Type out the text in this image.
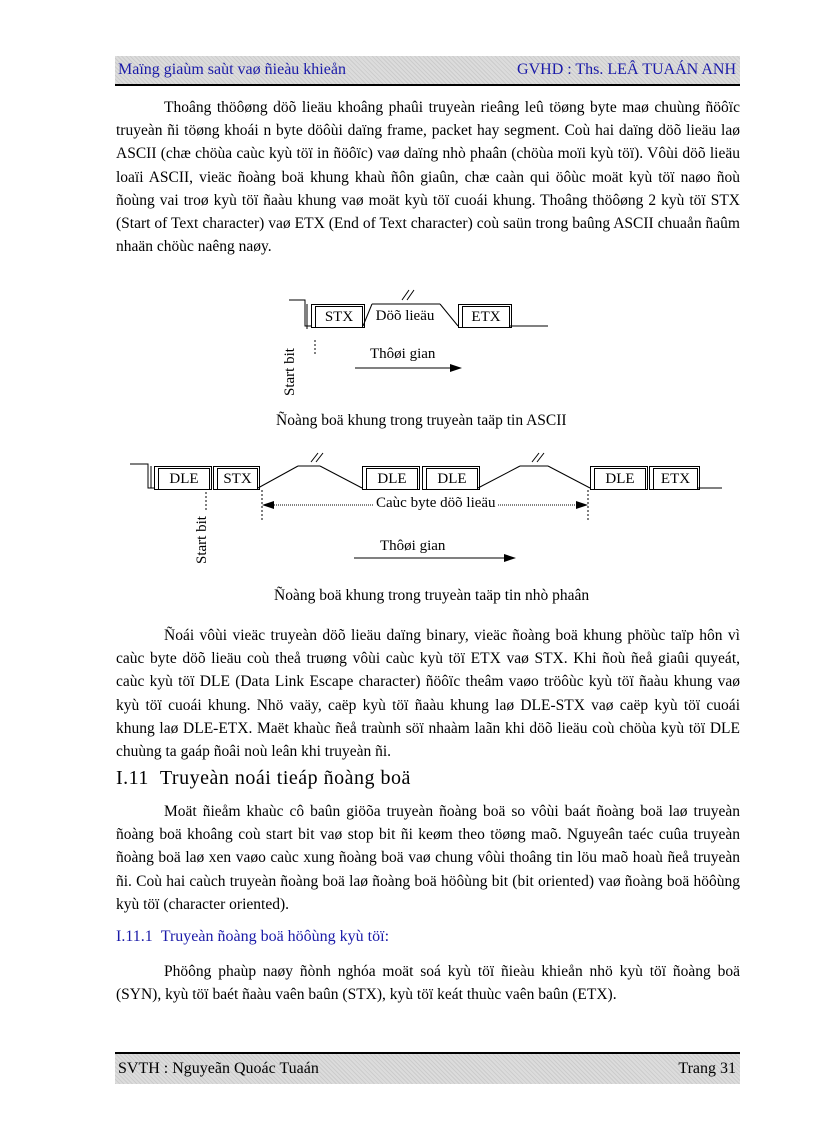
Maïng giaùm saùt vaø ñieàu khieån	GVHD : Ths. LEÂ TUAÁN ANH

Thoâng thöôøng döõ lieäu khoâng phaûi truyeàn rieâng leû töøng byte maø chuùng ñöôïc truyeàn ñi töøng khoái n byte döôùi daïng frame, packet hay segment. Coù hai daïng döõ lieäu laø ASCII (chæ chöùa caùc kyù töï in ñöôïc) vaø daïng nhò phaân (chöùa moïi kyù töï). Vôùi döõ lieäu loaïi ASCII, vieäc ñoàng boä khung khaù ñôn giaûn, chæ caàn qui öôùc moät kyù töï naøo ñoù ñoùng vai troø kyù töï ñaàu khung vaø moät kyù töï cuoái khung. Thoâng thöôøng 2 kyù töï STX (Start of Text character) vaø ETX (End of Text character) coù saün trong baûng ASCII chuaån ñaûm nhaän chöùc naêng naøy.

STX	Döõ lieäu	ETX
Start bit	Thôøi gian
Ñoàng boä khung trong truyeàn taäp tin ASCII
DLE	STX	DLE	DLE	DLE	ETX
Caùc byte döõ lieäu
Start bit	Thôøi gian
Ñoàng boä khung trong truyeàn taäp tin nhò phaân

Ñoái vôùi vieäc truyeàn döõ lieäu daïng binary, vieäc ñoàng boä khung phöùc taïp hôn vì caùc byte döõ lieäu coù theå truøng vôùi caùc kyù töï ETX vaø STX. Khi ñoù ñeå giaûi quyeát, caùc kyù töï DLE (Data Link Escape character) ñöôïc theâm vaøo tröôùc kyù töï ñaàu khung vaø kyù töï cuoái khung. Nhö vaäy, caëp kyù töï ñaàu khung laø DLE-STX vaø caëp kyù töï cuoái khung laø DLE-ETX. Maët khaùc ñeå traùnh söï nhaàm laãn khi döõ lieäu coù chöùa kyù töï DLE chuùng ta gaáp ñoâi noù leân khi truyeàn ñi.

I.11 Truyeàn noái tieáp ñoàng boä

Moät ñieåm khaùc cô baûn giöõa truyeàn ñoàng boä so vôùi baát ñoàng boä laø truyeàn ñoàng boä khoâng coù start bit vaø stop bit ñi keøm theo töøng maõ. Nguyeân taéc cuûa truyeàn ñoàng boä laø xen vaøo caùc xung ñoàng boä vaø chung vôùi thoâng tin löu maõ hoaù ñeå truyeàn ñi. Coù hai caùch truyeàn ñoàng boä laø ñoàng boä höôùng bit (bit oriented) vaø ñoàng boä höôùng kyù töï (character oriented).

I.11.1 Truyeàn ñoàng boä höôùng kyù töï:

Phöông phaùp naøy ñònh nghóa moät soá kyù töï ñieàu khieån nhö kyù töï ñoàng boä (SYN), kyù töï baét ñaàu vaên baûn (STX), kyù töï keát thuùc vaên baûn (ETX).

SVTH : Nguyeãn Quoác Tuaán	Trang 31
